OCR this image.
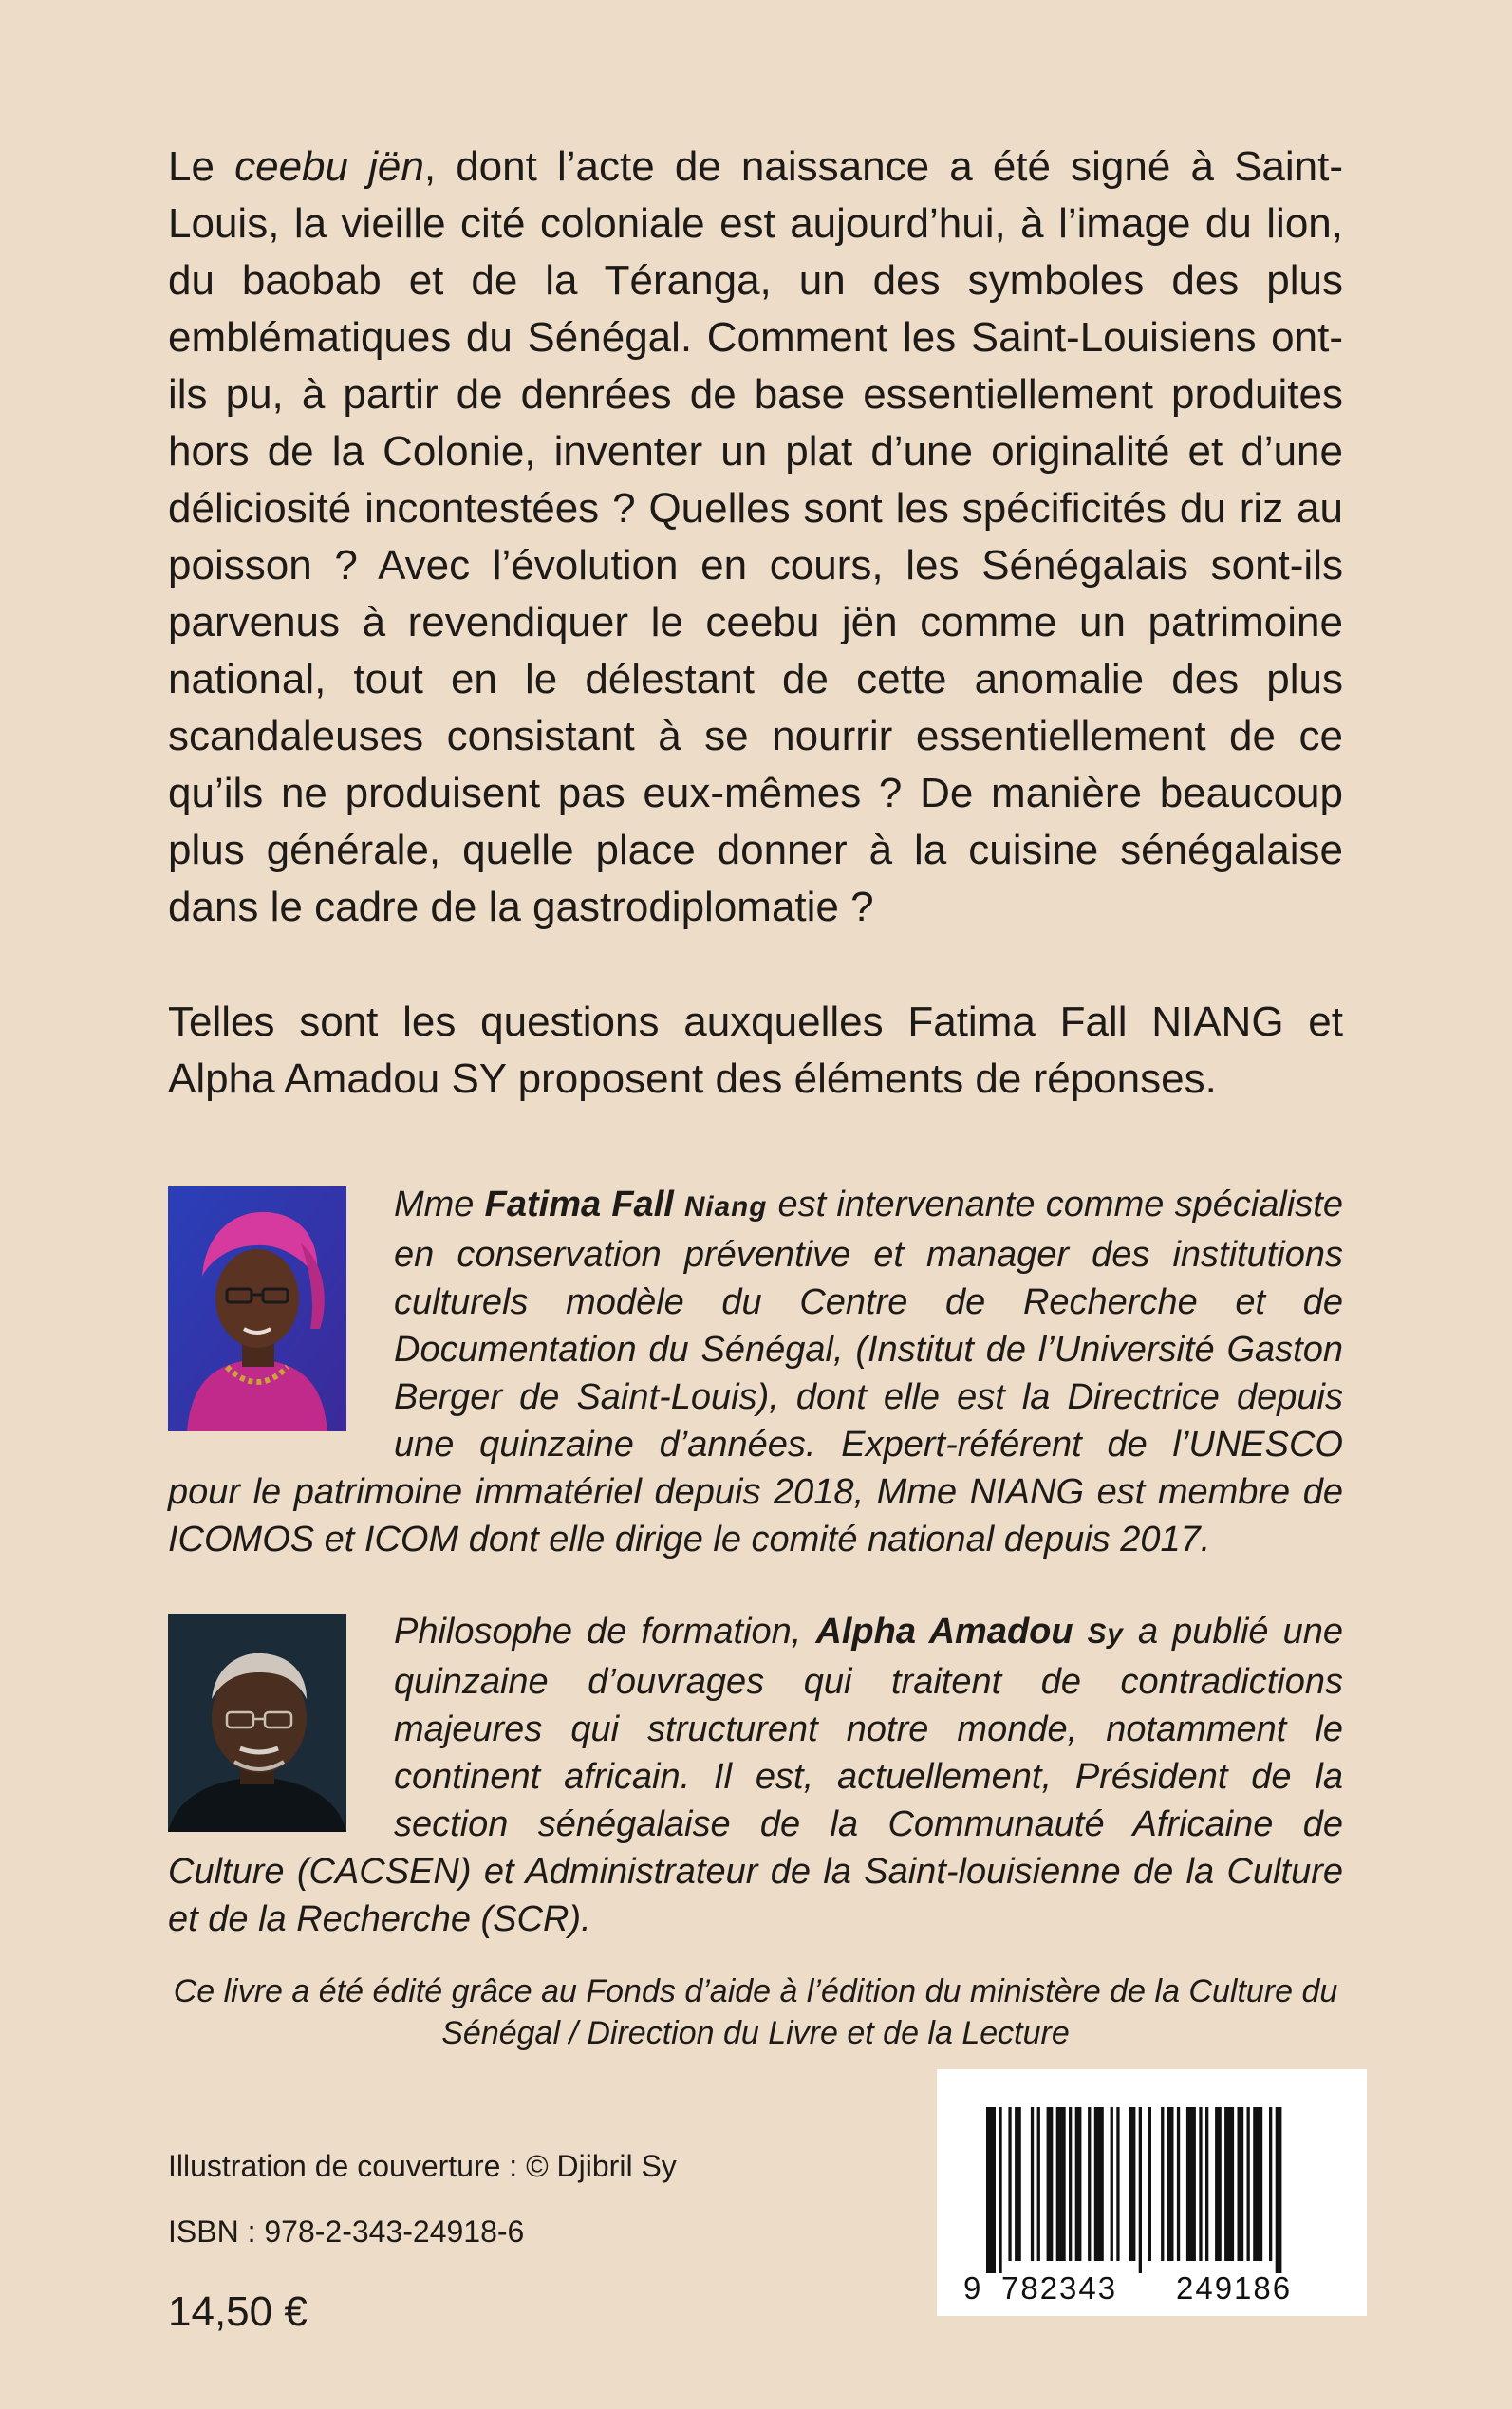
Le ceebu jën, dont l’acte de naissance a été signé à Saint-Louis, la vieille cité coloniale est aujourd’hui, à l’image du lion, du baobab et de la Téranga, un des symboles des plus emblématiques du Sénégal. Comment les Saint-Louisiens ont-ils pu, à partir de denrées de base essentiellement produites hors de la Colonie, inventer un plat d’une originalité et d’une déliciosité incontestées ? Quelles sont les spécificités du riz au poisson ? Avec l’évolution en cours, les Sénégalais sont-ils parvenus à revendiquer le ceebu jën comme un patrimoine national, tout en le délestant de cette anomalie des plus scandaleuses consistant à se nourrir essentiellement de ce qu’ils ne produisent pas eux-mêmes ? De manière beaucoup plus générale, quelle place donner à la cuisine sénégalaise dans le cadre de la gastrodiplomatie ?

Telles sont les questions auxquelles Fatima Fall NIANG et Alpha Amadou SY proposent des éléments de réponses.

Mme Fatima Fall Niang est intervenante comme spécialiste en conservation préventive et manager des institutions culturels modèle du Centre de Recherche et de Documentation du Sénégal, (Institut de l’Université Gaston Berger de Saint-Louis), dont elle est la Directrice depuis une quinzaine d’années. Expert-référent de l’UNESCO pour le patrimoine immatériel depuis 2018, Mme NIANG est membre de ICOMOS et ICOM dont elle dirige le comité national depuis 2017.

Philosophe de formation, Alpha Amadou Sy a publié une quinzaine d’ouvrages qui traitent de contradictions majeures qui structurent notre monde, notamment le continent africain. Il est, actuellement, Président de la section sénégalaise de la Communauté Africaine de Culture (CACSEN) et Administrateur de la Saint-louisienne de la Culture et de la Recherche (SCR).

Ce livre a été édité grâce au Fonds d’aide à l’édition du ministère de la Culture du Sénégal / Direction du Livre et de la Lecture

9 782343 249186

Illustration de couverture : © Djibril Sy

ISBN : 978-2-343-24918-6

14,50 €
